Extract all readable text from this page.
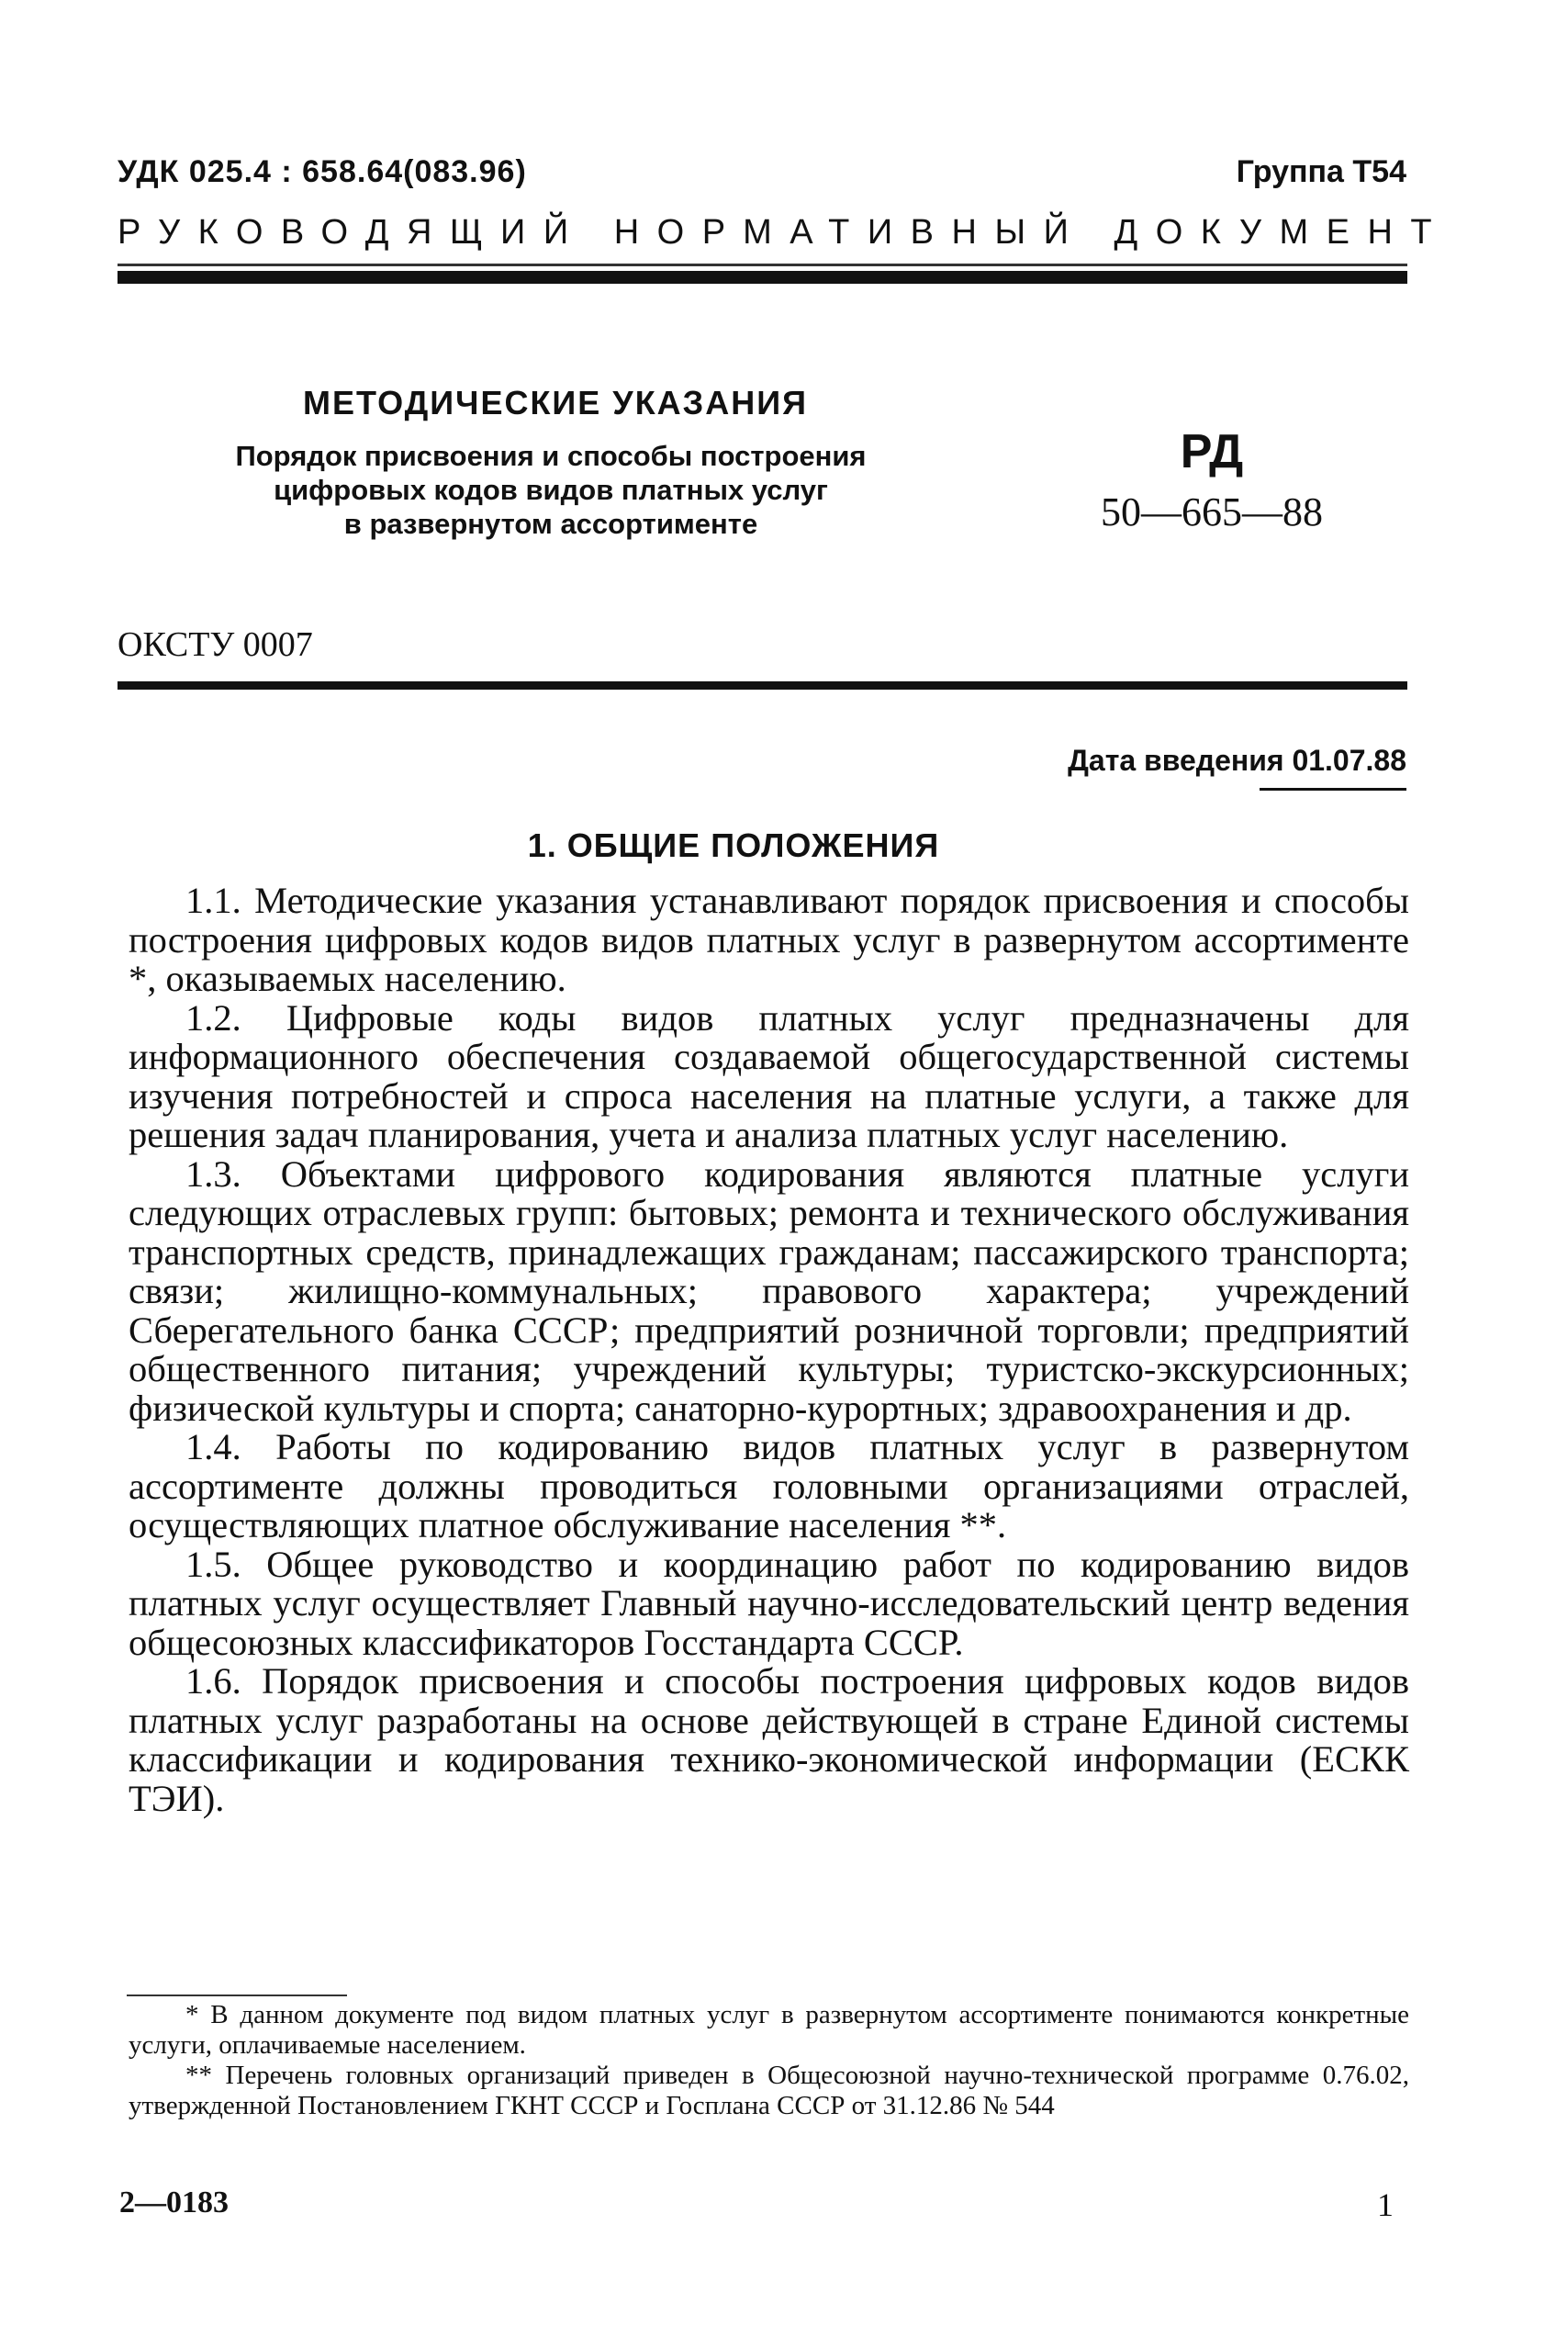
УДК 025.4 : 658.64(083.96)	Группа Т54
РУКОВОДЯЩИЙ НОРМАТИВНЫЙ ДОКУМЕНТ
МЕТОДИЧЕСКИЕ УКАЗАНИЯ
Порядок присвоения и способы построения
цифровых кодов видов платных услуг
в развернутом ассортименте
РД
50—665—88
ОКСТУ 0007
Дата введения 01.07.88
1. ОБЩИЕ ПОЛОЖЕНИЯ

1.1. Методические указания устанавливают порядок присвоения и способы построения цифровых кодов видов платных услуг в развернутом ассортименте *, оказываемых населению.

1.2. Цифровые коды видов платных услуг предназначены для информационного обеспечения создаваемой общегосударственной системы изучения потребностей и спроса населения на платные услуги, а также для решения задач планирования, учета и анализа платных услуг населению.

1.3. Объектами цифрового кодирования являются платные услуги следующих отраслевых групп: бытовых; ремонта и технического обслуживания транспортных средств, принадлежащих гражданам; пассажирского транспорта; связи; жилищно-коммунальных; правового характера; учреждений Сберегательного банка СССР; предприятий розничной торговли; предприятий общественного питания; учреждений культуры; туристско-экскурсионных; физической культуры и спорта; санаторно-курортных; здравоохранения и др.

1.4. Работы по кодированию видов платных услуг в развернутом ассортименте должны проводиться головными организациями отраслей, осуществляющих платное обслуживание населения **.

1.5. Общее руководство и координацию работ по кодированию видов платных услуг осуществляет Главный научно-исследовательский центр ведения общесоюзных классификаторов Госстандарта СССР.

1.6. Порядок присвоения и способы построения цифровых кодов видов платных услуг разработаны на основе действующей в стране Единой системы классификации и кодирования технико-экономической информации (ЕСКК ТЭИ).

* В данном документе под видом платных услуг в развернутом ассортименте понимаются конкретные услуги, оплачиваемые населением.

** Перечень головных организаций приведен в Общесоюзной научно-технической программе 0.76.02, утвержденной Постановлением ГКНТ СССР и Госплана СССР от 31.12.86 № 544

2—0183	1
